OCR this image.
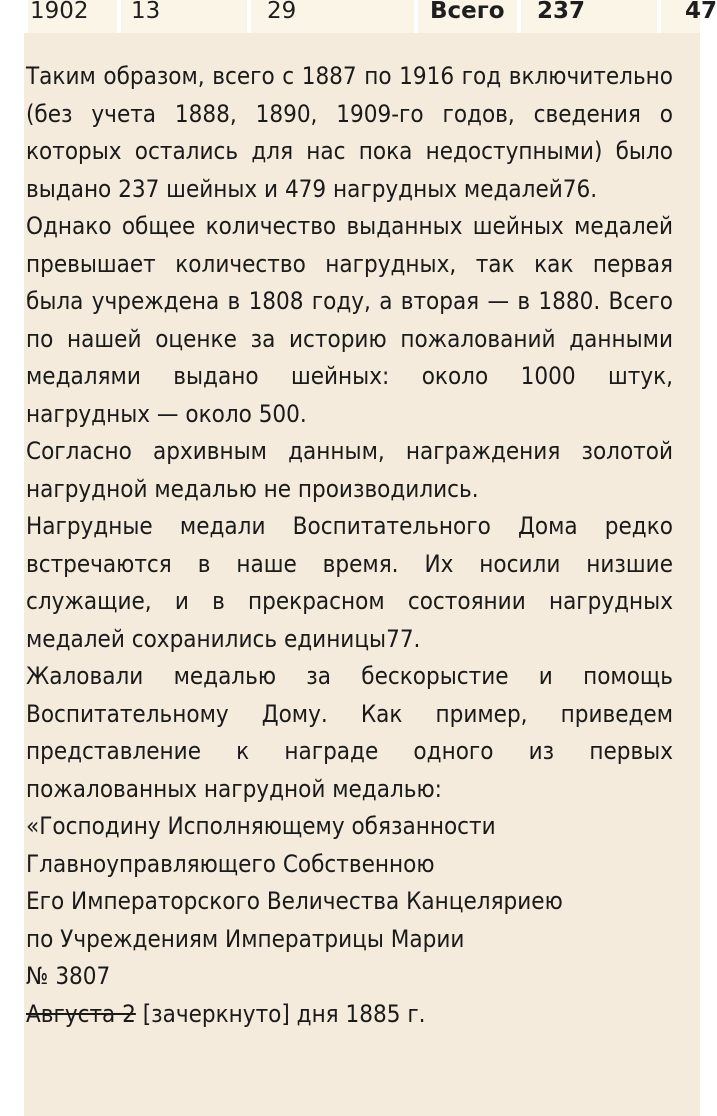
1902	13	29	Всего	237	47

Таким образом, всего с 1887 по 1916 год включительно (без учета 1888, 1890, 1909-го годов, сведения о которых остались для нас пока недоступными) было выдано 237 шейных и 479 нагрудных медалей76.

Однако общее количество выданных шейных медалей превышает количество нагрудных, так как первая была учреждена в 1808 году, а вторая — в 1880. Всего по нашей оценке за историю пожалований данными медалями выдано шейных: около 1000 штук, нагрудных — около 500.

Согласно архивным данным, награждения золотой нагрудной медалью не производились.

Нагрудные медали Воспитательного Дома редко встречаются в наше время. Их носили низшие служащие, и в прекрасном состоянии нагрудных медалей сохранились единицы77.

Жаловали медалью за бескорыстие и помощь Воспитательному Дому. Как пример, приведем представление к награде одного из первых пожалованных нагрудной медалью:

«Господину Исполняющему обязанности
Главноуправляющего Собственною
Его Императорского Величества Канцеляриею
по Учреждениям Императрицы Марии
№ 3807
Августа 2 [зачеркнуто] дня 1885 г.
